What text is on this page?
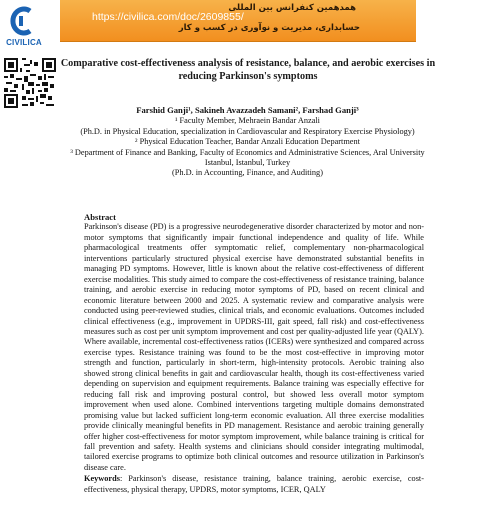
CIVILICA
همدهمین کنفرانس بین المللی
https://civilica.com/doc/2609855/
حسابداری، مدیریت و نوآوری در کسب و کار
Comparative cost-effectiveness analysis of resistance, balance, and aerobic exercises in reducing Parkinson's symptoms
Farshid Ganji¹, Sakineh Avazzadeh Samani², Farshad Ganji³
¹ Faculty Member, Mehraein Bandar Anzali
(Ph.D. in Physical Education, specialization in Cardiovascular and Respiratory Exercise Physiology)
² Physical Education Teacher, Bandar Anzali Education Department
³ Department of Finance and Banking, Faculty of Economics and Administrative Sciences, Aral University Istanbul, Istanbul, Turkey
(Ph.D. in Accounting, Finance, and Auditing)
Abstract
Parkinson's disease (PD) is a progressive neurodegenerative disorder characterized by motor and non-motor symptoms that significantly impair functional independence and quality of life. While pharmacological treatments offer symptomatic relief, complementary non-pharmacological interventions particularly structured physical exercise have demonstrated substantial benefits in managing PD symptoms. However, little is known about the relative cost-effectiveness of different exercise modalities. This study aimed to compare the cost-effectiveness of resistance training, balance training, and aerobic exercise in reducing motor symptoms of PD, based on recent clinical and economic literature between 2000 and 2025. A systematic review and comparative analysis were conducted using peer-reviewed studies, clinical trials, and economic evaluations. Outcomes included clinical effectiveness (e.g., improvement in UPDRS-III, gait speed, fall risk) and cost-effectiveness measures such as cost per unit symptom improvement and cost per quality-adjusted life year (QALY). Where available, incremental cost-effectiveness ratios (ICERs) were synthesized and compared across exercise types. Resistance training was found to be the most cost-effective in improving motor strength and function, particularly in short-term, high-intensity protocols. Aerobic training also showed strong clinical benefits in gait and cardiovascular health, though its cost-effectiveness varied depending on supervision and equipment requirements. Balance training was especially effective for reducing fall risk and improving postural control, but showed less overall motor symptom improvement when used alone. Combined interventions targeting multiple domains demonstrated promising value but lacked sufficient long-term economic evaluation. All three exercise modalities provide clinically meaningful benefits in PD management. Resistance and aerobic training generally offer higher cost-effectiveness for motor symptom improvement, while balance training is critical for fall prevention and safety. Health systems and clinicians should consider integrating multimodal, tailored exercise programs to optimize both clinical outcomes and resource utilization in Parkinson's disease care.
Keywords: Parkinson's disease, resistance training, balance training, aerobic exercise, cost-effectiveness, physical therapy, UPDRS, motor symptoms, ICER, QALY
